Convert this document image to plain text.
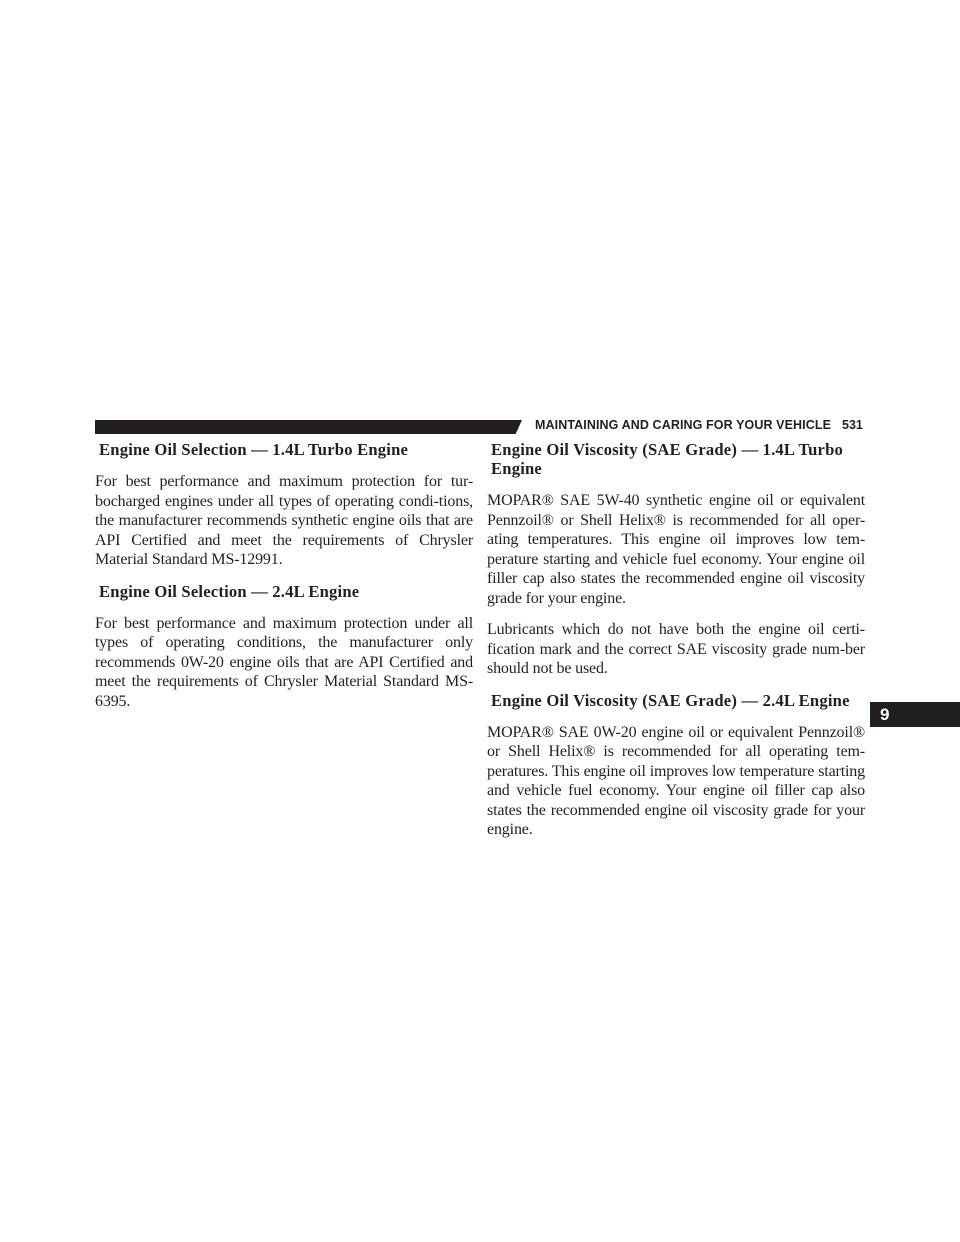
MAINTAINING AND CARING FOR YOUR VEHICLE 531
Engine Oil Selection — 1.4L Turbo Engine

For best performance and maximum protection for tur-bocharged engines under all types of operating condi-tions, the manufacturer recommends synthetic engine oils that are API Certified and meet the requirements of Chrysler Material Standard MS-12991.

Engine Oil Selection — 2.4L Engine

For best performance and maximum protection under all types of operating conditions, the manufacturer only recommends 0W-20 engine oils that are API Certified and meet the requirements of Chrysler Material Standard MS-6395.

Engine Oil Viscosity (SAE Grade) — 1.4L Turbo Engine

MOPAR® SAE 5W-40 synthetic engine oil or equivalent Pennzoil® or Shell Helix® is recommended for all oper-ating temperatures. This engine oil improves low tem-perature starting and vehicle fuel economy. Your engine oil filler cap also states the recommended engine oil viscosity grade for your engine.

Lubricants which do not have both the engine oil certi-fication mark and the correct SAE viscosity grade num-ber should not be used.

Engine Oil Viscosity (SAE Grade) — 2.4L Engine

MOPAR® SAE 0W-20 engine oil or equivalent Pennzoil® or Shell Helix® is recommended for all operating tem-peratures. This engine oil improves low temperature starting and vehicle fuel economy. Your engine oil filler cap also states the recommended engine oil viscosity grade for your engine.

9
